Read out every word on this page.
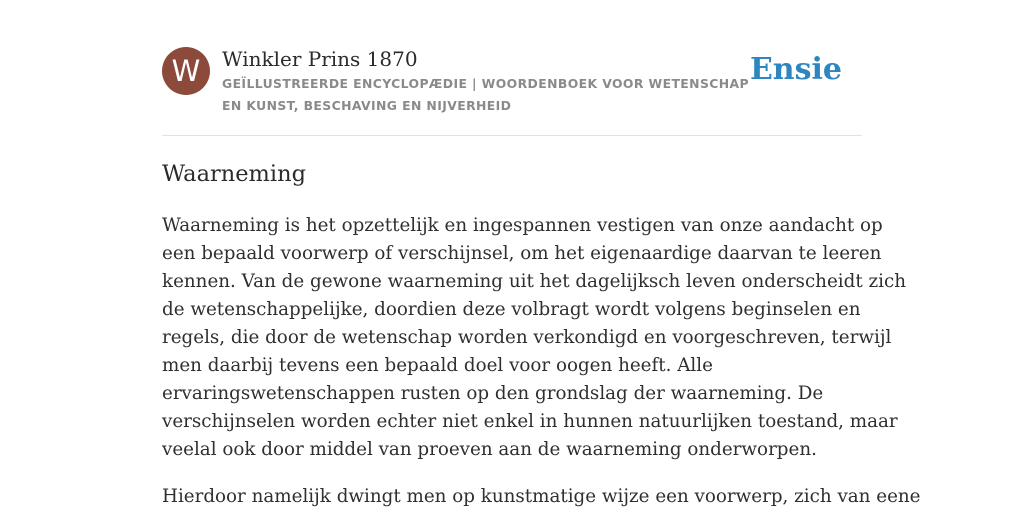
W	Winkler Prins 1870
GEÏLLUSTREERDE ENCYCLOPÆDIE | WOORDENBOEK VOOR WETENSCHAP EN KUNST, BESCHAVING EN NIJVERHEID
Ensie
Waarneming

Waarneming is het opzettelijk en ingespannen vestigen van onze aandacht op
een bepaald voorwerp of verschijnsel, om het eigenaardige daarvan te leeren
kennen. Van de gewone waarneming uit het dagelijksch leven onderscheidt zich
de wetenschappelijke, doordien deze volbragt wordt volgens beginselen en
regels, die door de wetenschap worden verkondigd en voorgeschreven, terwijl
men daarbij tevens een bepaald doel voor oogen heeft. Alle
ervaringswetenschappen rusten op den grondslag der waarneming. De
verschijnselen worden echter niet enkel in hunnen natuurlijken toestand, maar
veelal ook door middel van proeven aan de waarneming onderworpen.

Hierdoor namelijk dwingt men op kunstmatige wijze een voorwerp, zich van eene
